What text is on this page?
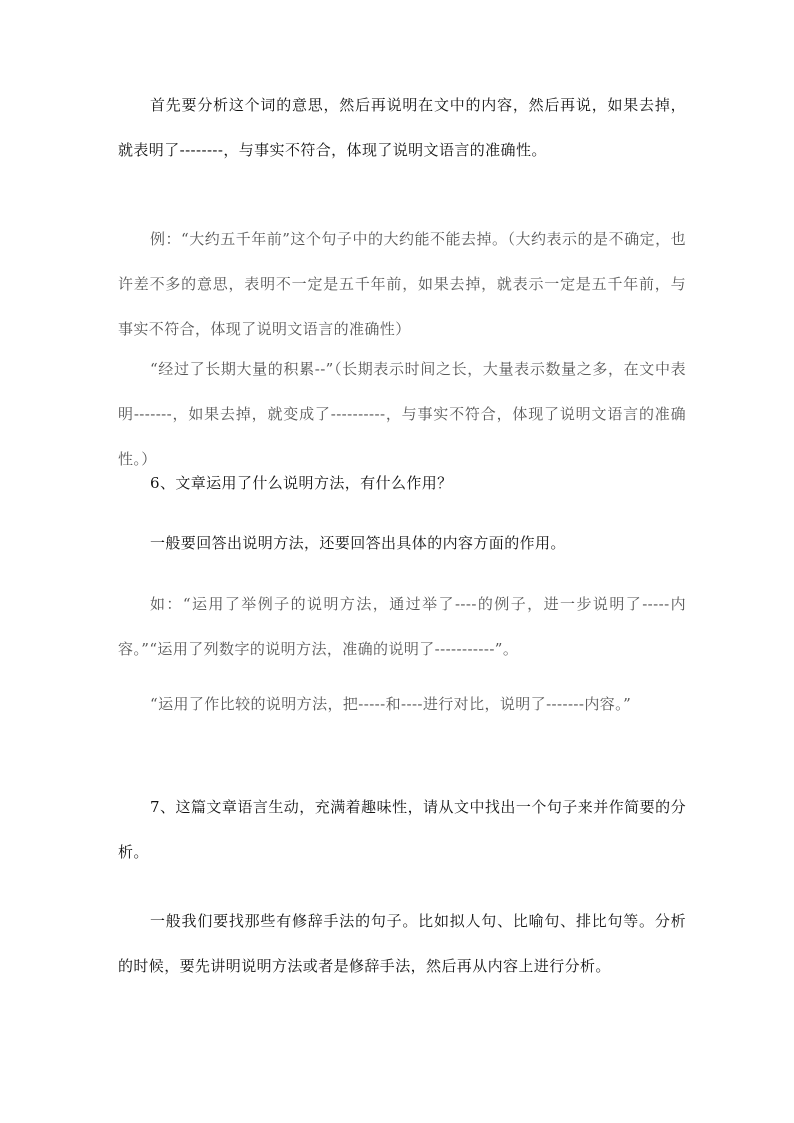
首先要分析这个词的意思，然后再说明在文中的内容，然后再说，如果去掉，就表明了--------，与事实不符合，体现了说明文语言的准确性。

例：“大约五千年前”这个句子中的大约能不能去掉。（大约表示的是不确定，也许差不多的意思，表明不一定是五千年前，如果去掉，就表示一定是五千年前，与事实不符合，体现了说明文语言的准确性）

“经过了长期大量的积累--”（长期表示时间之长，大量表示数量之多，在文中表明-------，如果去掉，就变成了----------，与事实不符合，体现了说明文语言的准确性。）

6、文章运用了什么说明方法，有什么作用？

一般要回答出说明方法，还要回答出具体的内容方面的作用。

如：“运用了举例子的说明方法，通过举了----的例子，进一步说明了-----内容。”“运用了列数字的说明方法，准确的说明了-----------”。

“运用了作比较的说明方法，把-----和----进行对比，说明了-------内容。”

7、这篇文章语言生动，充满着趣味性，请从文中找出一个句子来并作简要的分析。

一般我们要找那些有修辞手法的句子。比如拟人句、比喻句、排比句等。分析的时候，要先讲明说明方法或者是修辞手法，然后再从内容上进行分析。
